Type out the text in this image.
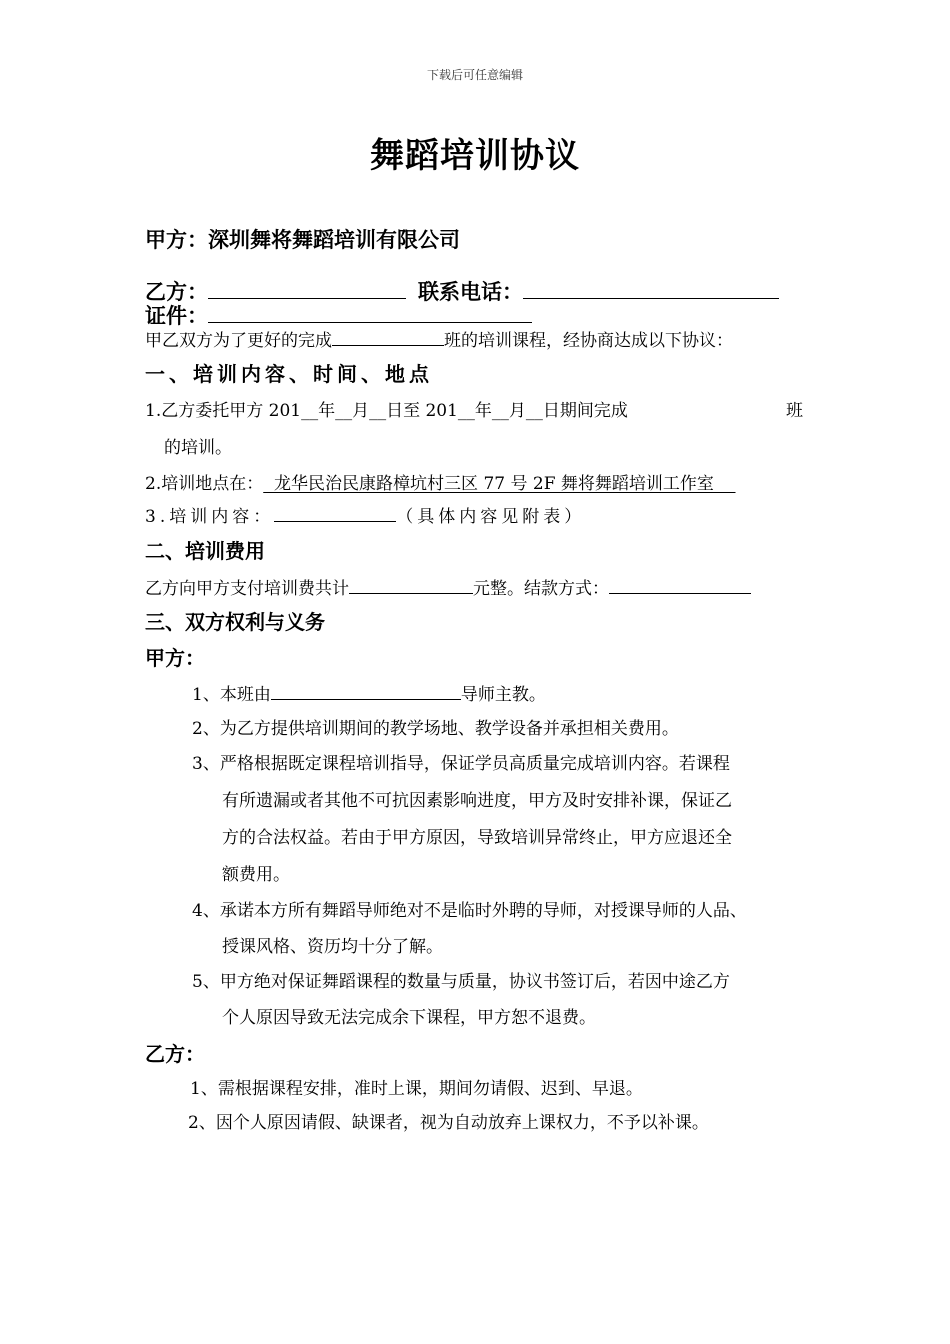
下载后可任意编辑
舞蹈培训协议
甲方：深圳舞将舞蹈培训有限公司
乙方：	联系电话：
证件：
甲乙双方为了更好的完成	班的培训课程，经协商达成以下协议：
一、培训内容、时间、地点
1.乙方委托甲方 201__年__月__日至 201__年__月__日期间完成	班
的培训。
2.培训地点在：  龙华民治民康路樟坑村三区 77 号 2F 舞将舞蹈培训工作室
3.培训内容：	（具体内容见附表）
二、培训费用
乙方向甲方支付培训费共计	元整。结款方式：
三、双方权利与义务
甲方：
1、本班由	导师主教。
2、为乙方提供培训期间的教学场地、教学设备并承担相关费用。
3、严格根据既定课程培训指导，保证学员高质量完成培训内容。若课程
有所遗漏或者其他不可抗因素影响进度，甲方及时安排补课，保证乙
方的合法权益。若由于甲方原因，导致培训异常终止，甲方应退还全
额费用。
4、承诺本方所有舞蹈导师绝对不是临时外聘的导师，对授课导师的人品、
授课风格、资历均十分了解。
5、甲方绝对保证舞蹈课程的数量与质量，协议书签订后，若因中途乙方
个人原因导致无法完成余下课程，甲方恕不退费。
乙方：
1、需根据课程安排，准时上课，期间勿请假、迟到、早退。
2、因个人原因请假、缺课者，视为自动放弃上课权力，不予以补课。
